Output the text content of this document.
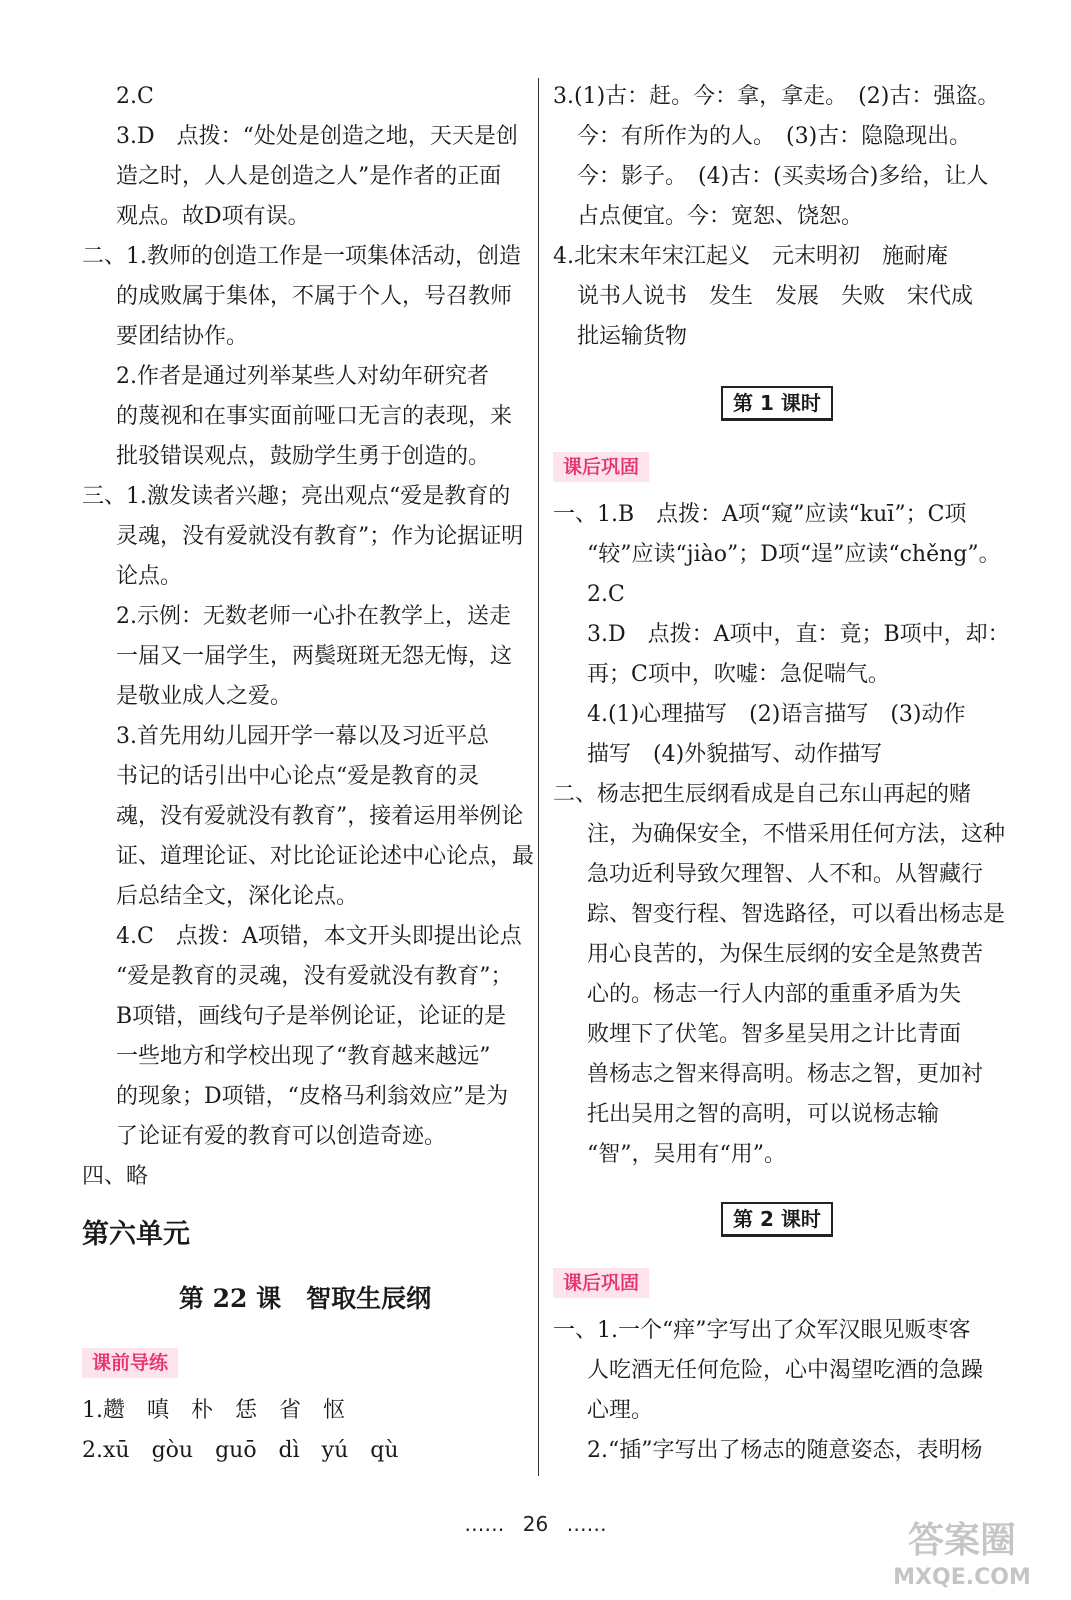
2.C
3.D　点拨：“处处是创造之地，天天是创
造之时，人人是创造之人”是作者的正面
观点。故D项有误。
二、1.教师的创造工作是一项集体活动，创造
的成败属于集体，不属于个人，号召教师
要团结协作。
2.作者是通过列举某些人对幼年研究者
的蔑视和在事实面前哑口无言的表现，来
批驳错误观点，鼓励学生勇于创造的。
三、1.激发读者兴趣；亮出观点“爱是教育的
灵魂，没有爱就没有教育”；作为论据证明
论点。
2.示例：无数老师一心扑在教学上，送走
一届又一届学生，两鬓斑斑无怨无悔，这
是敬业成人之爱。
3.首先用幼儿园开学一幕以及习近平总
书记的话引出中心论点“爱是教育的灵
魂，没有爱就没有教育”，接着运用举例论
证、道理论证、对比论证论述中心论点，最
后总结全文，深化论点。
4.C　点拨：A项错，本文开头即提出论点
“爱是教育的灵魂，没有爱就没有教育”；
B项错，画线句子是举例论证，论证的是
一些地方和学校出现了“教育越来越远”
的现象；D项错，“皮格马利翁效应”是为
了论证有爱的教育可以创造奇迹。
四、略
第六单元
第 22 课　智取生辰纲
课前导练
1.趱　嗔　朴　恁　省　怄
2.xū　gòu　guō　dì　yú　qù
3.(1)古：赶。今：拿，拿走。　(2)古：强盗。
今：有所作为的人。　(3)古：隐隐现出。
今：影子。　(4)古：(买卖场合)多给，让人
占点便宜。今：宽恕、饶恕。
4.北宋末年宋江起义　元末明初　施耐庵
说书人说书　发生　发展　失败　宋代成
批运输货物
第 1 课时
课后巩固
一、1.B　点拨：A项“窥”应读“kuī”；C项
“较”应读“jiào”；D项“逞”应读“chěng”。
2.C
3.D　点拨：A项中，直：竟；B项中，却：
再；C项中，吹嘘：急促喘气。
4.(1)心理描写　(2)语言描写　(3)动作
描写　(4)外貌描写、动作描写
二、杨志把生辰纲看成是自己东山再起的赌
注，为确保安全，不惜采用任何方法，这种
急功近利导致欠理智、人不和。从智藏行
踪、智变行程、智选路径，可以看出杨志是
用心良苦的，为保生辰纲的安全是煞费苦
心的。杨志一行人内部的重重矛盾为失
败埋下了伏笔。智多星吴用之计比青面
兽杨志之智来得高明。杨志之智，更加衬
托出吴用之智的高明，可以说杨志输
“智”，吴用有“用”。
第 2 课时
课后巩固
一、1.一个“痒”字写出了众军汉眼见贩枣客
人吃酒无任何危险，心中渴望吃酒的急躁
心理。
2.“插”字写出了杨志的随意姿态，表明杨
…… 26 ……	答案圈
MXQE.COM
